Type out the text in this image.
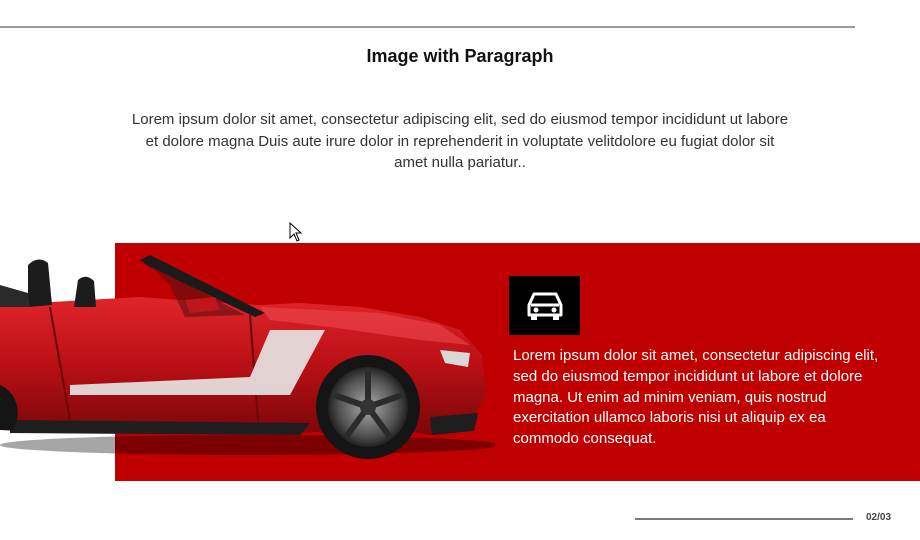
Image with Paragraph
Lorem ipsum dolor sit amet, consectetur adipiscing elit, sed do eiusmod tempor incididunt ut labore et dolore magna Duis aute irure dolor in reprehenderit in voluptate velitdolore eu fugiat dolor sit amet nulla pariatur..
Lorem ipsum dolor sit amet, consectetur adipiscing elit, sed do eiusmod tempor incididunt ut labore et dolore magna. Ut enim ad minim veniam, quis nostrud exercitation ullamco laboris nisi ut aliquip ex ea commodo consequat.
02/03
